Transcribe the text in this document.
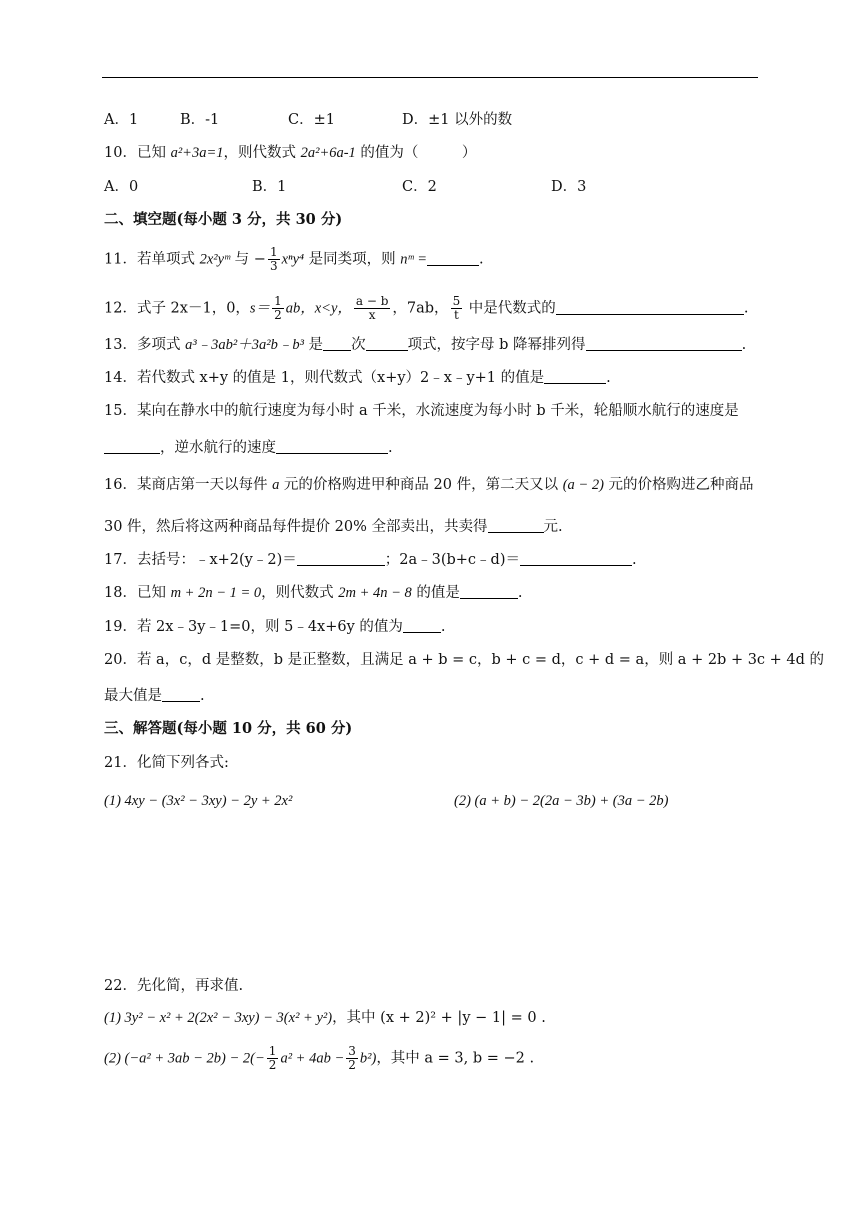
A．1	B．-1	C．±1	D．±1 以外的数
10．已知 a²+3a=1，则代数式 2a²+6a-1 的值为（　　　）
A．0	B．1	C．2	D．3
二、填空题(每小题 3 分，共 30 分)
11．若单项式 2x²yᵐ 与 − $\frac{1}{3} x^ny^4$ 是同类项，则 nᵐ =	.
12．式子 2x－1，0，$s= \frac{1}{2}$ ab，x<y， $\frac{a - b}{x}$ ，7ab， $\frac{5}{t}$ 中是代数式的	.
13．多项式 a³﹣3ab²＋3a²b﹣b³ 是 次	项式，按字母 b 降幂排列得	.
14．若代数式 x+y 的值是 1，则代数式（x+y）2﹣x﹣y+1 的值是	.
15．某向在静水中的航行速度为每小时 a 千米，水流速度为每小时 b 千米，轮船顺水航行的速度是
，逆水航行的速度	.
16．某商店第一天以每件 a 元的价格购进甲种商品 20 件，第二天又以 (a − 2) 元的价格购进乙种商品
30 件，然后将这两种商品每件提价 20% 全部卖出，共卖得	元.
17．去括号：﹣x+2(y﹣2)＝	；2a﹣3(b+c﹣d)＝	.
18．已知 m + 2n − 1 = 0，则代数式 2m + 4n − 8 的值是	.
19．若 2x﹣3y﹣1=0，则 5﹣4x+6y 的值为	.
20．若 a，c，d 是整数，b 是正整数，且满足 a + b = c，b + c = d，c + d = a，则 a + 2b + 3c + 4d 的
最大值是	.
三、解答题(每小题 10 分，共 60 分)
21．化简下列各式:
(1) 4xy − (3x² − 3xy) − 2y + 2x²	(2) (a + b) − 2(2a − 3b) + (3a − 2b)
22．先化简，再求值.
(1) 3y² − x² + 2(2x² − 3xy) − 3(x² + y²)，其中 (x + 2)² + |y − 1| = 0 .
(2) $(-a^2 + 3ab - 2b) - 2(- \frac{1}{2} a^2 + 4ab - \frac{3}{2} b^2)$，其中 a = 3, b = −2 .
